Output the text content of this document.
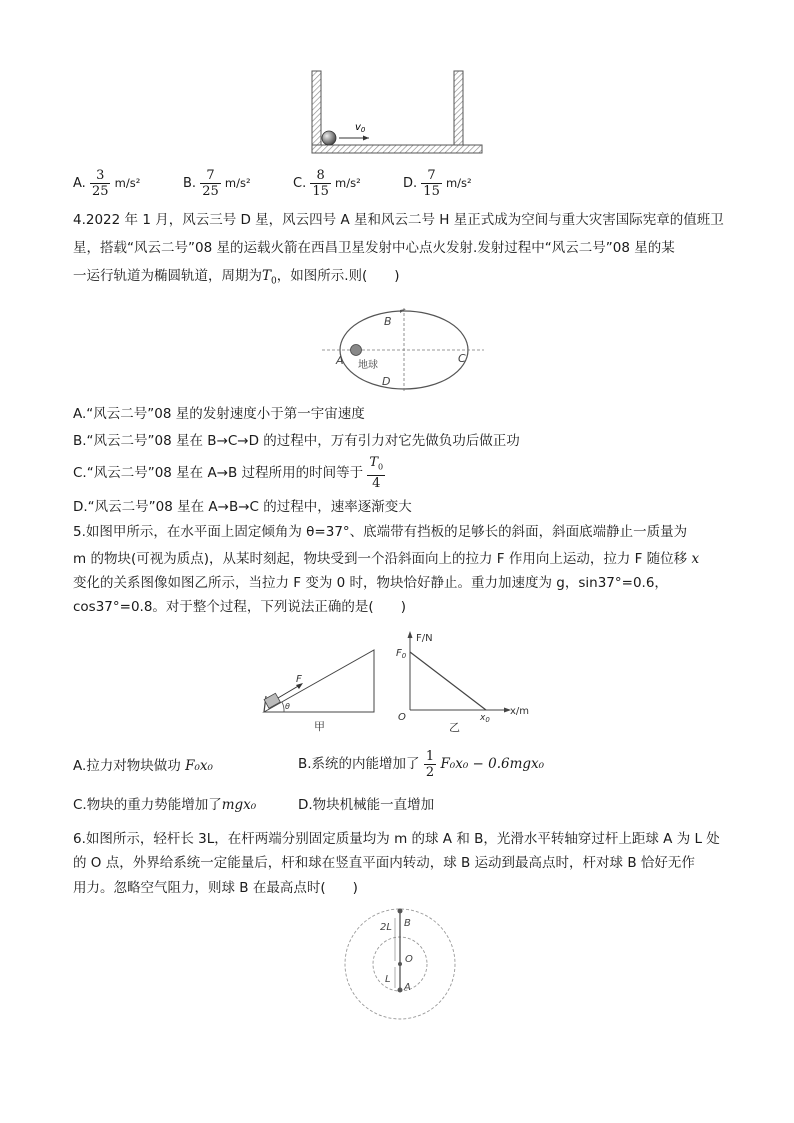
$v_0$
A. $\frac{3}{25} m/s^2$	B. $\frac{7}{25} m/s^2$	C. $\frac{8}{15} m/s^2$	D. $\frac{7}{15} m/s^2$
4.2022 年 1 月，风云三号 D 星，风云四号 A 星和风云二号 H 星正式成为空间与重大灾害国际宪章的值班卫
星，搭载“风云二号”08 星的运载火箭在西昌卫星发射中心点火发射.发射过程中“风云二号”08 星的某
一运行轨道为椭圆轨道，周期为$T_0$，如图所示.则(　　)
A
B
C
D
地球
A.“风云二号”08 星的发射速度小于第一宇宙速度
B.“风云二号”08 星在 B→C→D 的过程中，万有引力对它先做负功后做正功
C.“风云二号”08 星在 A→B 过程所用的时间等于 $\frac{T_0}{4}$
D.“风云二号”08 星在 A→B→C 的过程中，速率逐渐变大
5.如图甲所示，在水平面上固定倾角为 θ=37°、底端带有挡板的足够长的斜面，斜面底端静止一质量为
m 的物块(可视为质点)，从某时刻起，物块受到一个沿斜面向上的拉力 F 作用向上运动，拉力 F 随位移 x
变化的关系图像如图乙所示，当拉力 F 变为 0 时，物块恰好静止。重力加速度为 g，sin37°=0.6，
cos37°=0.8。对于整个过程，下列说法正确的是(　　)
F
θ
甲
F/N
$F_0$
O	$x_0$
x/m
乙
A.拉力对物块做功 F₀x₀	B.系统的内能增加了 $\frac{1}{2} F_0x_0 - 0.6mgx_0$
C.物块的重力势能增加了mgx₀	D.物块机械能一直增加
6.如图所示，轻杆长 3L，在杆两端分别固定质量均为 m 的球 A 和 B，光滑水平转轴穿过杆上距球 A 为 L 处
的 O 点，外界给系统一定能量后，杆和球在竖直平面内转动，球 B 运动到最高点时，杆对球 B 恰好无作
用力。忽略空气阻力，则球 B 在最高点时(　　)
2L B
O
L
A
